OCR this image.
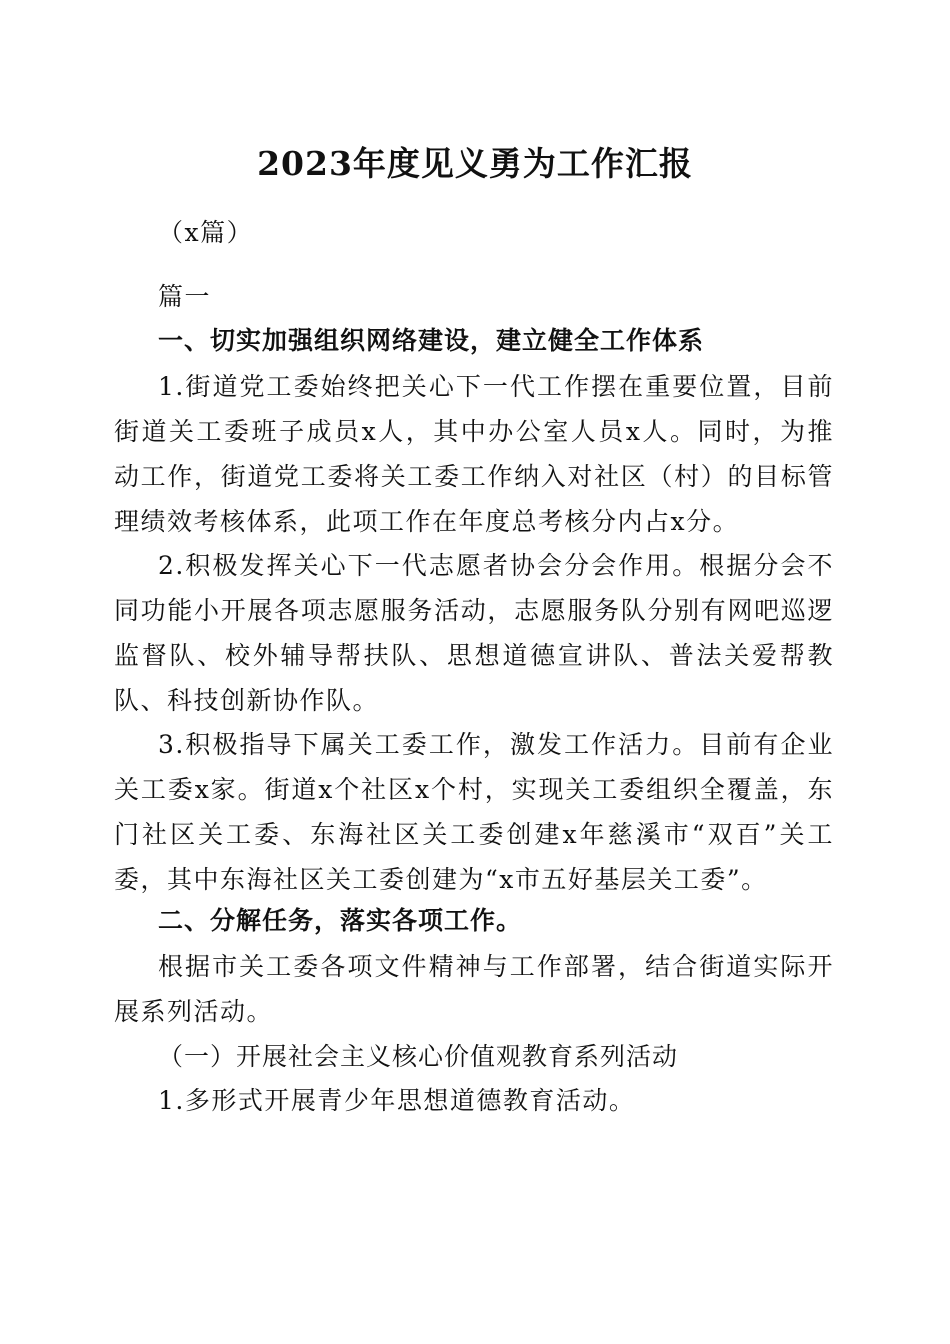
2023年度见义勇为工作汇报
（x篇）
篇一
一、切实加强组织网络建设，建立健全工作体系
1.街道党工委始终把关心下一代工作摆在重要位置，目前街道关工委班子成员x人，其中办公室人员x人。同时，为推动工作，街道党工委将关工委工作纳入对社区（村）的目标管理绩效考核体系，此项工作在年度总考核分内占x分。
2.积极发挥关心下一代志愿者协会分会作用。根据分会不同功能小开展各项志愿服务活动，志愿服务队分别有网吧巡逻监督队、校外辅导帮扶队、思想道德宣讲队、普法关爱帮教队、科技创新协作队。
3.积极指导下属关工委工作，激发工作活力。目前有企业关工委x家。街道x个社区x个村，实现关工委组织全覆盖，东门社区关工委、东海社区关工委创建x年慈溪市“双百”关工委，其中东海社区关工委创建为“x市五好基层关工委”。
二、分解任务，落实各项工作。
根据市关工委各项文件精神与工作部署，结合街道实际开展系列活动。
（一）开展社会主义核心价值观教育系列活动
1.多形式开展青少年思想道德教育活动。
